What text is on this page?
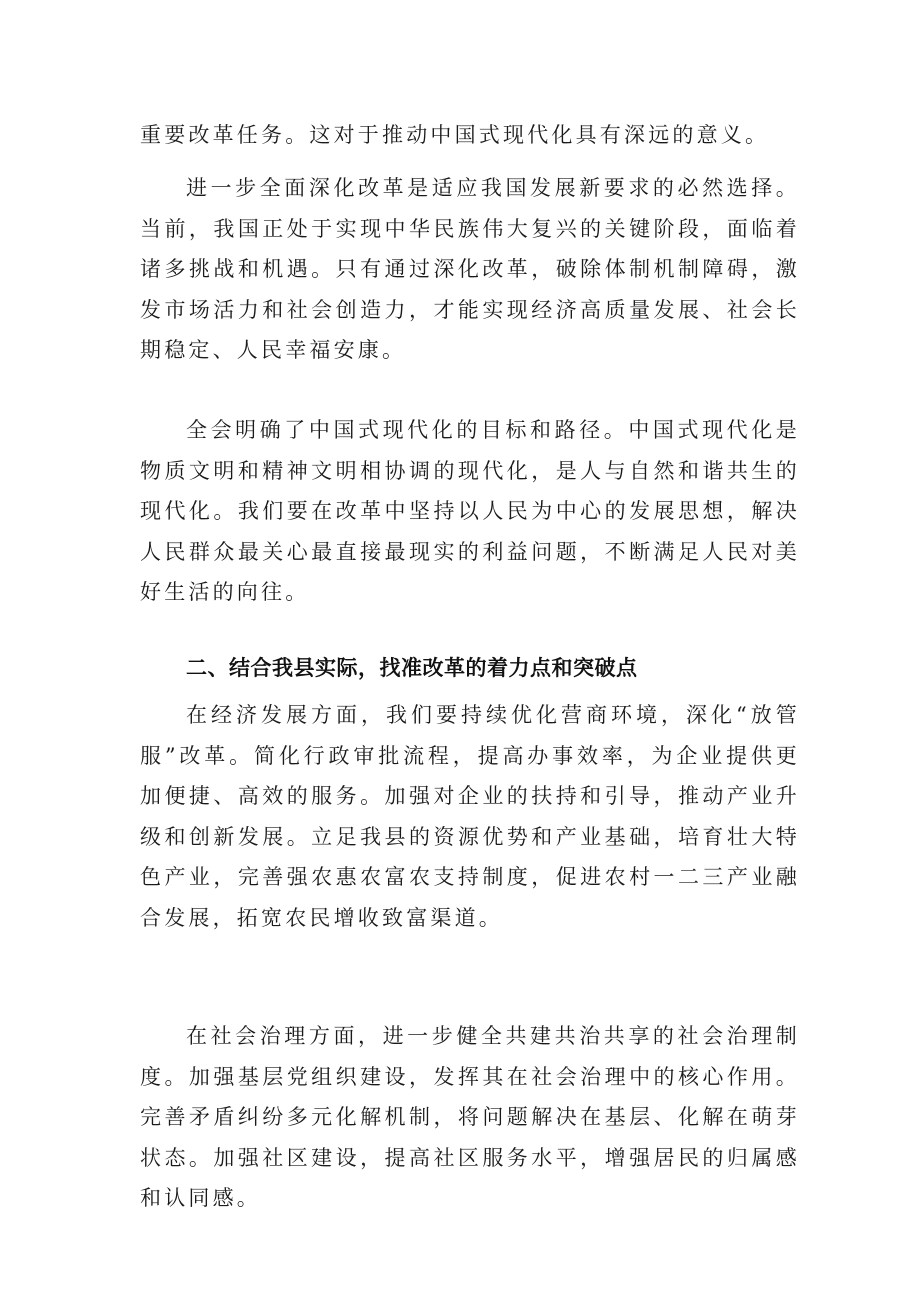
重要改革任务。这对于推动中国式现代化具有深远的意义。

进一步全面深化改革是适应我国发展新要求的必然选择。当前，我国正处于实现中华民族伟大复兴的关键阶段，面临着诸多挑战和机遇。只有通过深化改革，破除体制机制障碍，激发市场活力和社会创造力，才能实现经济高质量发展、社会长期稳定、人民幸福安康。

全会明确了中国式现代化的目标和路径。中国式现代化是物质文明和精神文明相协调的现代化，是人与自然和谐共生的现代化。我们要在改革中坚持以人民为中心的发展思想，解决人民群众最关心最直接最现实的利益问题，不断满足人民对美好生活的向往。

二、结合我县实际，找准改革的着力点和突破点

在经济发展方面，我们要持续优化营商环境，深化“放管服”改革。简化行政审批流程，提高办事效率，为企业提供更加便捷、高效的服务。加强对企业的扶持和引导，推动产业升级和创新发展。立足我县的资源优势和产业基础，培育壮大特色产业，完善强农惠农富农支持制度，促进农村一二三产业融合发展，拓宽农民增收致富渠道。

在社会治理方面，进一步健全共建共治共享的社会治理制度。加强基层党组织建设，发挥其在社会治理中的核心作用。完善矛盾纠纷多元化解机制，将问题解决在基层、化解在萌芽状态。加强社区建设，提高社区服务水平，增强居民的归属感和认同感。
